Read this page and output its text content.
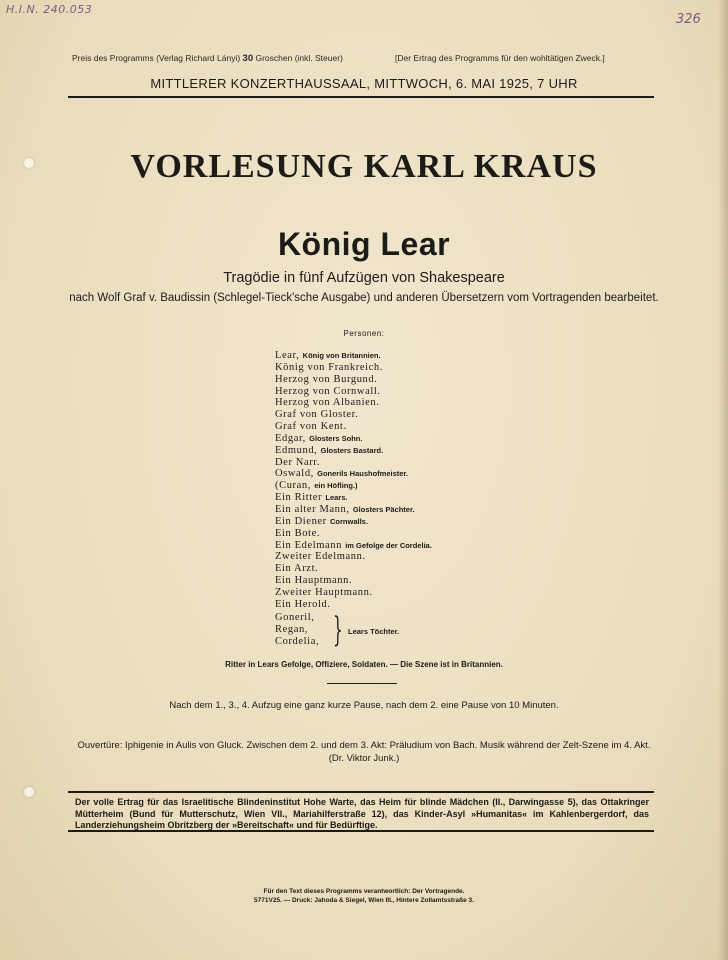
H.I.N. 240.053
326
Preis des Programms (Verlag Richard Lányi) 30 Groschen (inkl. Steuer)	[Der Ertrag des Programms für den wohltätigen Zweck.]
MITTLERER KONZERTHAUSSAAL, MITTWOCH, 6. MAI 1925, 7 UHR
VORLESUNG KARL KRAUS
König Lear
Tragödie in fünf Aufzügen von Shakespeare
nach Wolf Graf v. Baudissin (Schlegel-Tieck'sche Ausgabe) und anderen Übersetzern vom Vortragenden bearbeitet.
Personen:
Lear, König von Britannien.
König von Frankreich.
Herzog von Burgund.
Herzog von Cornwall.
Herzog von Albanien.
Graf von Gloster.
Graf von Kent.
Edgar, Glosters Sohn.
Edmund, Glosters Bastard.
Der Narr.
Oswald, Gonerils Haushofmeister.
(Curan, ein Höfling.)
Ein Ritter Lears.
Ein alter Mann, Glosters Pächter.
Ein Diener Cornwalls.
Ein Bote.
Ein Edelmann im Gefolge der Cordelia.
Zweiter Edelmann.
Ein Arzt.
Ein Hauptmann.
Zweiter Hauptmann.
Ein Herold.
Goneril,
Regan,
Cordelia, } Lears Töchter.
Ritter in Lears Gefolge, Offiziere, Soldaten. — Die Szene ist in Britannien.
Nach dem 1., 3., 4. Aufzug eine ganz kurze Pause, nach dem 2. eine Pause von 10 Minuten.
Ouvertüre: Iphigenie in Aulis von Gluck. Zwischen dem 2. und dem 3. Akt: Präludium von Bach. Musik während der Zelt-Szene im 4. Akt. (Dr. Viktor Junk.)
Der volle Ertrag für das Israelitische Blindeninstitut Hohe Warte, das Heim für blinde Mädchen (II., Darwingasse 5), das Ottakringer Mütterheim (Bund für Mutterschutz, Wien VII., Mariahilferstraße 12), das Kinder-Asyl »Humanitas« im Kahlenbergerdorf, das Landerziehungsheim Obritzberg der »Bereitschaft« und für Bedürftige.
Für den Text dieses Programms verantwortlich: Der Vortragende.
5771V25. — Druck: Jahoda & Siegel, Wien III., Hintere Zollamtsstraße 3.
